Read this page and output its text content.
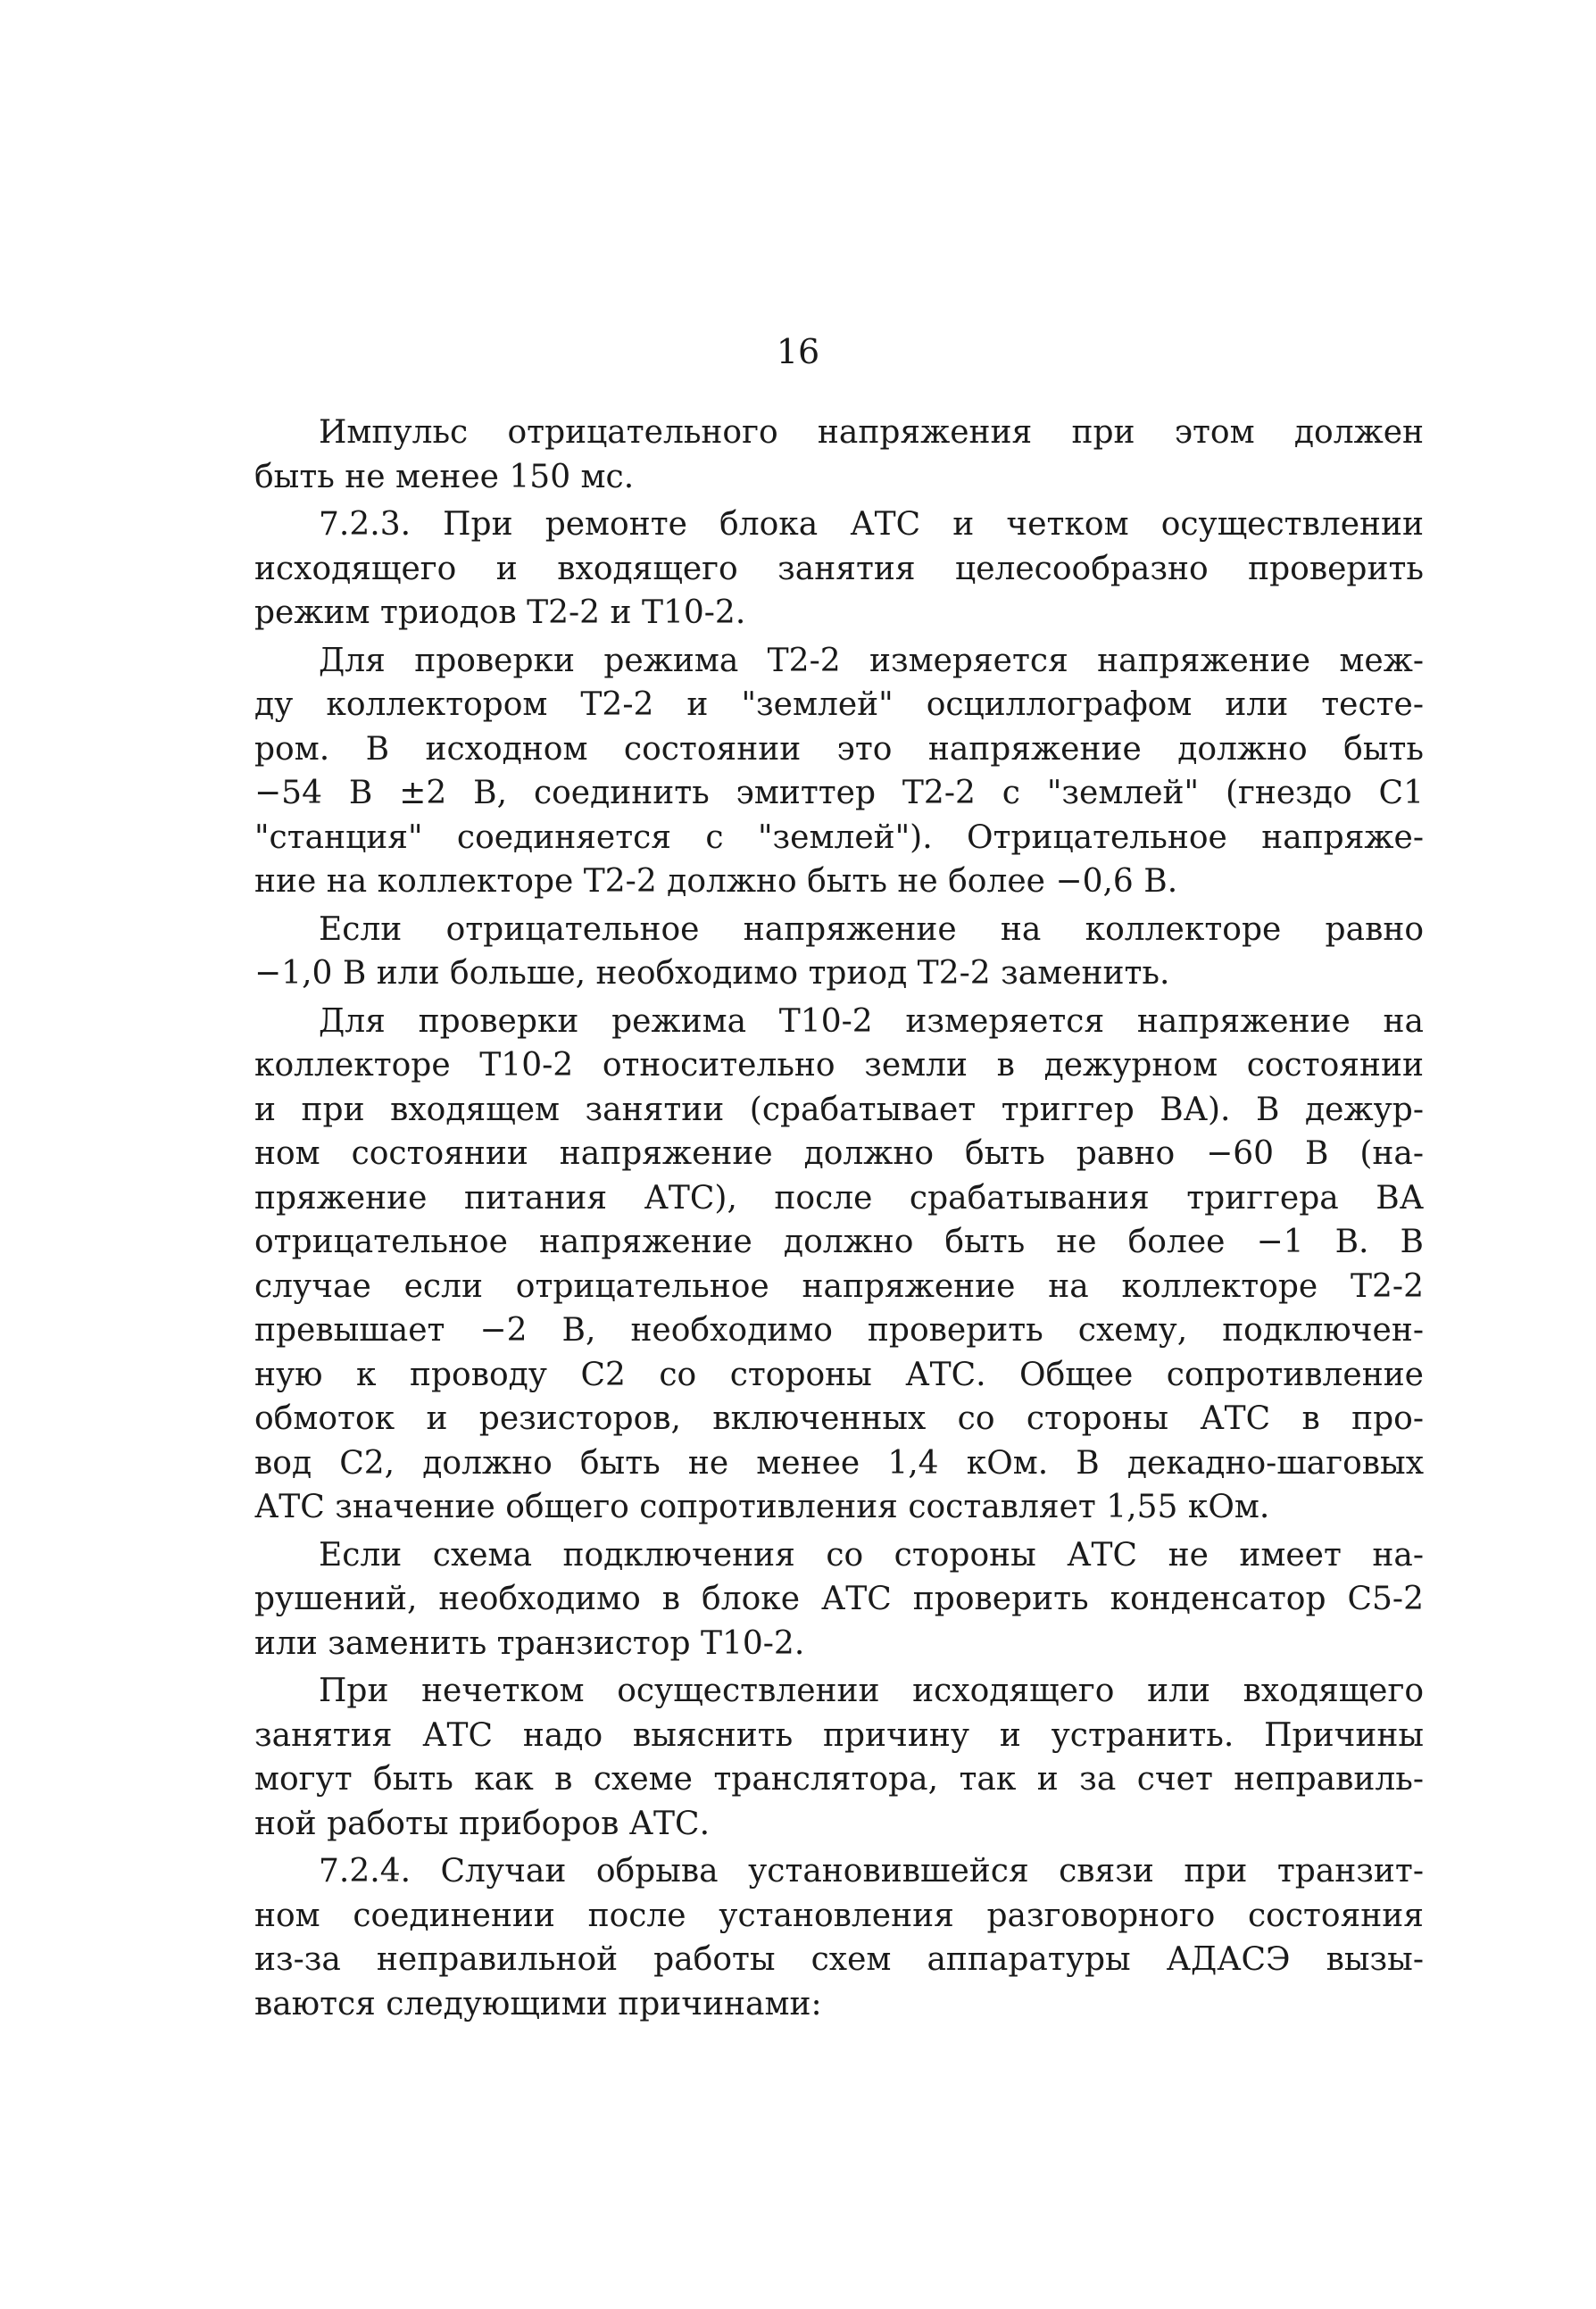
16
Импульс отрицательного напряжения при этом должен
быть не менее 150 мс.
7.2.3. При ремонте блока АТС и четком осуществлении
исходящего и входящего занятия целесообразно проверить
режим триодов Т2-2 и Т10-2.
Для проверки режима Т2-2 измеряется напряжение меж-
ду коллектором Т2-2 и "землей" осциллографом или тесте-
ром. В исходном состоянии это напряжение должно быть
−54 В ±2 В, соединить эмиттер Т2-2 с "землей" (гнездо С1
"станция" соединяется с "землей"). Отрицательное напряже-
ние на коллекторе Т2-2 должно быть не более −0,6 В.
Если отрицательное напряжение на коллекторе равно
−1,0 В или больше, необходимо триод Т2-2 заменить.
Для проверки режима Т10-2 измеряется напряжение на
коллекторе Т10-2 относительно земли в дежурном состоянии
и при входящем занятии (срабатывает триггер ВА). В дежур-
ном состоянии напряжение должно быть равно −60 В (на-
пряжение питания АТС), после срабатывания триггера ВА
отрицательное напряжение должно быть не более −1 В. В
случае если отрицательное напряжение на коллекторе Т2-2
превышает −2 В, необходимо проверить схему, подключен-
ную к проводу С2 со стороны АТС. Общее сопротивление
обмоток и резисторов, включенных со стороны АТС в про-
вод С2, должно быть не менее 1,4 кОм. В декадно-шаговых
АТС значение общего сопротивления составляет 1,55 кОм.
Если схема подключения со стороны АТС не имеет на-
рушений, необходимо в блоке АТС проверить конденсатор С5-2
или заменить транзистор Т10-2.
При нечетком осуществлении исходящего или входящего
занятия АТС надо выяснить причину и устранить. Причины
могут быть как в схеме транслятора, так и за счет неправиль-
ной работы приборов АТС.
7.2.4. Случаи обрыва установившейся связи при транзит-
ном соединении после установления разговорного состояния
из-за неправильной работы схем аппаратуры АДАСЭ вызы-
ваются следующими причинами:
